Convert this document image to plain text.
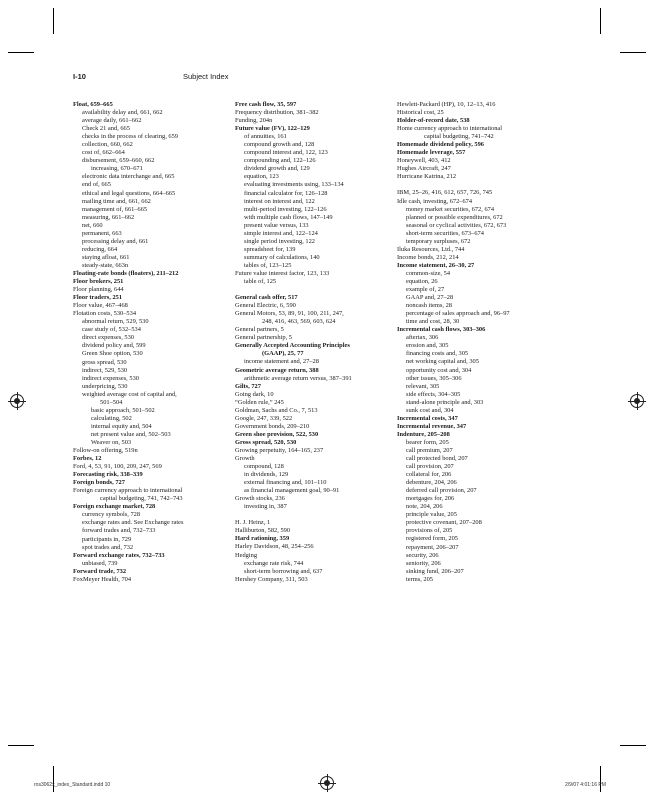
I-10	Subject Index
Float, 659–665
availability delay and, 661, 662
average daily, 661–662
Check 21 and, 665
checks in the process of clearing, 659
collection, 660, 662
cost of, 662–664
disbursement, 659–660, 662
increasing, 670–671
electronic data interchange and, 665
end of, 665
ethical and legal questions, 664–665
mailing time and, 661, 662
management of, 661–665
measuring, 661–662
net, 660
permanent, 663
processing delay and, 661
reducing, 664
staying afloat, 661
steady-state, 663n
Floating-rate bonds (floaters), 211–212
Floor brokers, 251
Floor planning, 644
Floor traders, 251
Floor value, 467–468
Flotation costs, 530–534
abnormal return, 529, 530
case study of, 532–534
direct expenses, 530
dividend policy and, 599
Green Shoe option, 530
gross spread, 530
indirect, 529, 530
indirect expenses, 530
underpricing, 530
weighted average cost of capital and,
501–504
basic approach, 501–502
calculating, 502
internal equity and, 504
net present value and, 502–503
Weaver on, 503
Follow-on offering, 519n
Forbes, 12
Ford, 4, 53, 91, 100, 209, 247, 569
Forecasting risk, 338–339
Foreign bonds, 727
Foreign currency approach to international
capital budgeting, 741, 742–743
Foreign exchange market, 728
currency symbols, 728
exchange rates and. See Exchange rates
forward trades and, 732–733
participants in, 729
spot trades and, 732
Forward exchange rates, 732–733
unbiased, 739
Forward trade, 732
FoxMeyer Health, 704
Free cash flow, 35, 597
Frequency distribution, 381–382
Funding, 204n
Future value (FV), 122–129
of annuities, 161
compound growth and, 128
compound interest and, 122, 123
compounding and, 122–126
dividend growth and, 129
equation, 123
evaluating investments using, 133–134
financial calculator for, 126–128
interest on interest and, 122
multi-period investing, 122–126
with multiple cash flows, 147–149
present value versus, 133
simple interest and, 122–124
single period investing, 122
spreadsheet for, 139
summary of calculations, 140
tables of, 123–125
Future value interest factor, 123, 133
table of, 125
General cash offer, 517
General Electric, 6, 590
General Motors, 53, 89, 91, 100, 211, 247,
248, 416, 463, 569, 603, 624
General partners, 5
General partnership, 5
Generally Accepted Accounting Principles
(GAAP), 25, 77
income statement and, 27–28
Geometric average return, 388
arithmetic average return versus, 387–391
Gilts, 727
Going dark, 10
“Golden rule,” 245
Goldman, Sachs and Co., 7, 513
Google, 247, 339, 522
Government bonds, 209–210
Green shoe provision, 522, 530
Gross spread, 520, 530
Growing perpetuity, 164–165, 237
Growth
compound, 128
in dividends, 129
external financing and, 101–110
as financial management goal, 90–91
Growth stocks, 236
investing in, 387
H. J. Heinz, 1
Halliburton, 582, 590
Hard rationing, 359
Harley Davidson, 48, 254–256
Hedging
exchange rate risk, 744
short-term borrowing and, 637
Hershey Company, 311, 503
Hewlett-Packard (HP), 10, 12–13, 416
Historical cost, 25
Holder-of-record date, 538
Home currency approach to international
capital budgeting, 741–742
Homemade dividend policy, 596
Homemade leverage, 557
Honeywell, 403, 412
Hughes Aircraft, 247
Hurricane Katrina, 212
IBM, 25–26, 416, 612, 657, 726, 745
Idle cash, investing, 672–674
money market securities, 672, 674
planned or possible expenditures, 672
seasonal or cyclical activities, 672, 673
short-term securities, 673–674
temporary surpluses, 672
Iluka Resources, Ltd., 744
Income bonds, 212, 214
Income statement, 26–30, 27
common-size, 54
equation, 26
example of, 27
GAAP and, 27–28
noncash items, 28
percentage of sales approach and, 96–97
time and cost, 28, 30
Incremental cash flows, 303–306
aftertax, 306
erosion and, 305
financing costs and, 305
net working capital and, 305
opportunity cost and, 304
other issues, 305–306
relevant, 305
side effects, 304–305
stand-alone principle and, 303
sunk cost and, 304
Incremental costs, 347
Incremental revenue, 347
Indenture, 205–208
bearer form, 205
call premium, 207
call protected bond, 207
call provision, 207
collateral for, 206
debenture, 204, 206
deferred call provision, 207
mortgages for, 206
note, 204, 206
principle value, 205
protective covenant, 207–208
provisions of, 205
registered form, 205
repayment, 206–207
security, 206
seniority, 206
sinking fund, 206–207
terms, 205
ros3062x_index_Standard.indd 10	2/9/07 4:01:16 PM
